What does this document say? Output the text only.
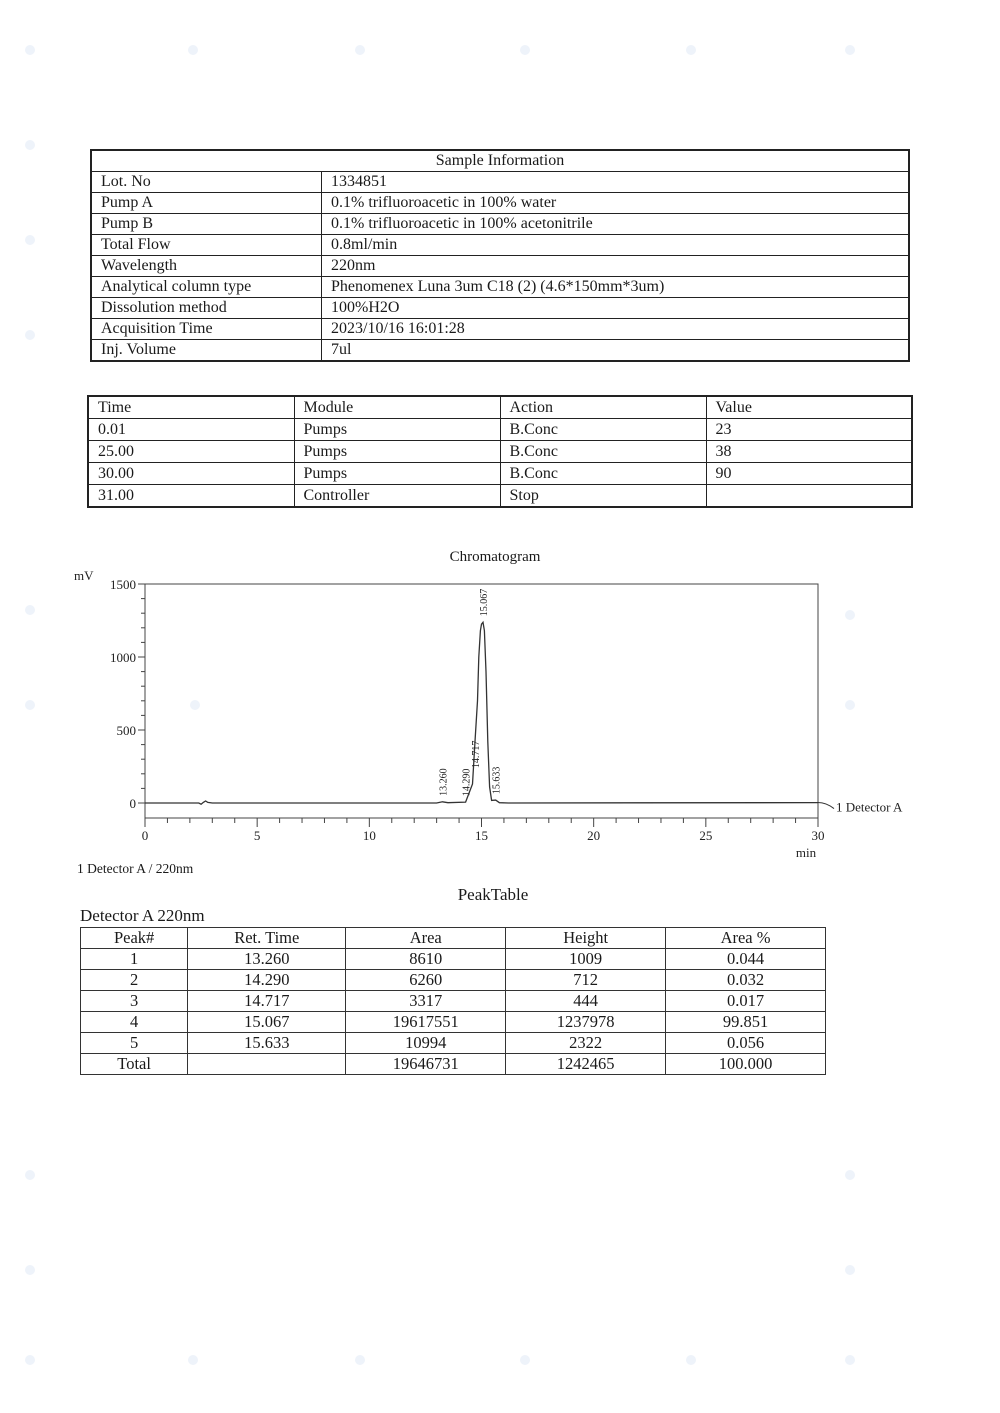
Sample Information	
Lot. No	1334851
Pump A	0.1% trifluoroacetic in 100% water
Pump B	0.1% trifluoroacetic in 100% acetonitrile
Total Flow	0.8ml/min
Wavelength	220nm
Analytical column type	Phenomenex Luna 3um C18 (2) (4.6*150mm*3um)
Dissolution method	100%H2O
Acquisition Time	2023/10/16 16:01:28
Inj. Volume	7ul
Time	Module	Action	Value
0.01	Pumps	B.Conc	23
25.00	Pumps	B.Conc	38
30.00	Pumps	B.Conc	90
31.00	Controller	Stop	
Chromatogram
0
500
1000
1500
mV
0	5	10	15	20	25	30
min
1 Detector A
13.260 14.290
14.717
15.067
15.633
1 Detector A / 220nm
PeakTable
Detector A 220nm
Peak#	Ret. Time	Area	Height	Area %
1	13.260	8610	1009	0.044
2	14.290	6260	712	0.032
3	14.717	3317	444	0.017
4	15.067	19617551	1237978	99.851
5	15.633	10994	2322	0.056
Total		19646731	1242465	100.000
